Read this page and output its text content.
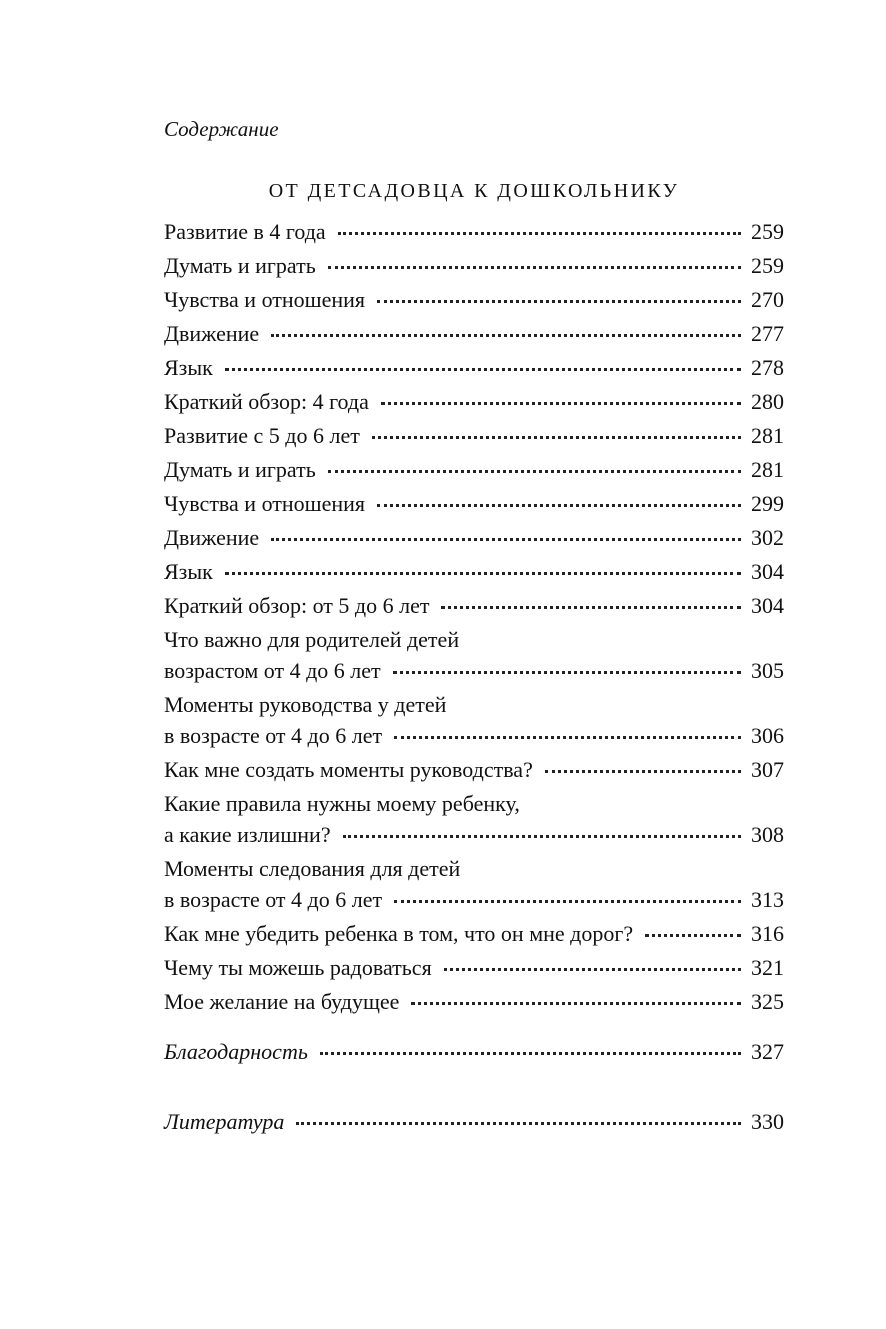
Содержание
ОТ ДЕТСАДОВЦА К ДОШКОЛЬНИКУ
Развитие в 4 года	259
Думать и играть	259
Чувства и отношения	270
Движение	277
Язык	278
Краткий обзор: 4 года	280
Развитие с 5 до 6 лет	281
Думать и играть	281
Чувства и отношения	299
Движение	302
Язык	304
Краткий обзор: от 5 до 6 лет	304
Что важно для родителей детей
возрастом от 4 до 6 лет	305
Моменты руководства у детей
в возрасте от 4 до 6 лет	306
Как мне создать моменты руководства?	307
Какие правила нужны моему ребенку,
а какие излишни?	308
Моменты следования для детей
в возрасте от 4 до 6 лет	313
Как мне убедить ребенка в том, что он мне дорог?	316
Чему ты можешь радоваться	321
Мое желание на будущее	325
Благодарность	327
Литература	330
